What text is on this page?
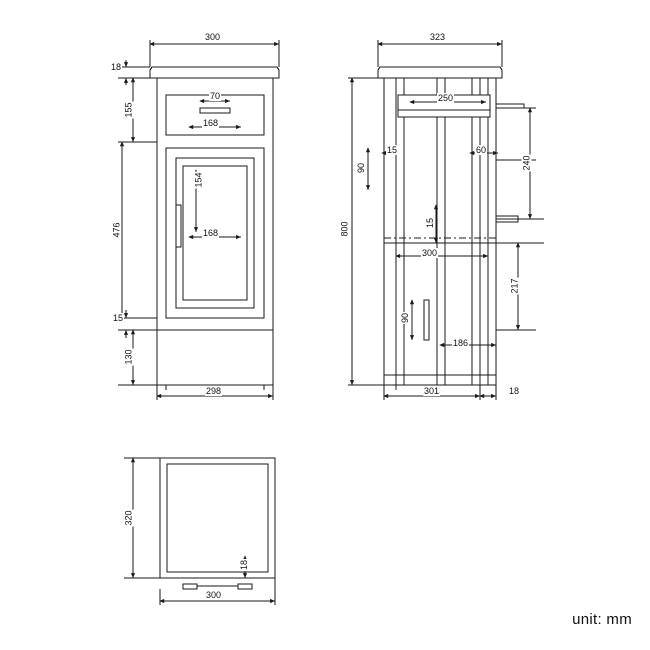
300
18
155
70
168
476
154
168
15
130
298
323
250
15	60
90
800	15
300
240
217
90
186
301	18
320
18
300
unit: mm
